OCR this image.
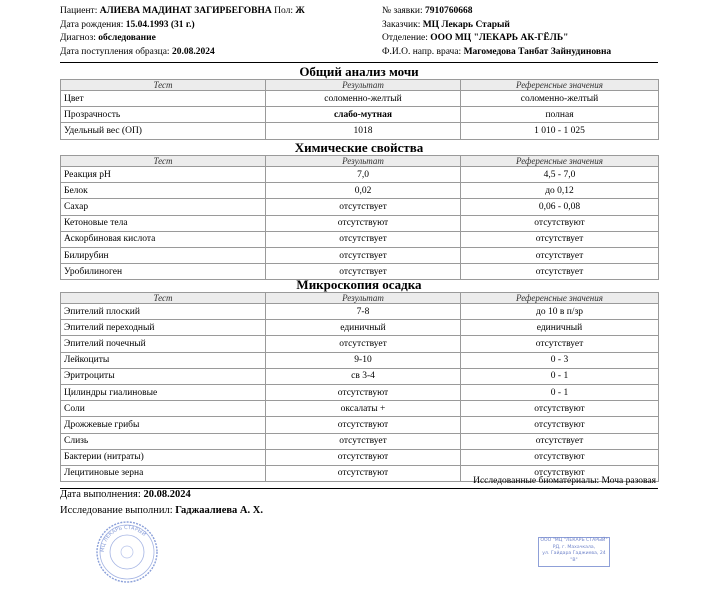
Пациент: АЛИЕВА МАДИНАТ ЗАГИРБЕГОВНА Пол: Ж
Дата рождения: 15.04.1993 (31 г.)
Диагноз: обследование
Дата поступления образца: 20.08.2024
№ заявки: 7910760668
Заказчик: МЦ Лекарь Старый
Отделение: ООО МЦ "ЛЕКАРЬ АК-ГЁЛЬ"
Ф.И.О. напр. врача: Магомедова Танбат Зайнудиновна
Общий анализ мочи
Тест	Результат	Референсные значения
Цвет	соломенно-желтый	соломенно-желтый
Прозрачность	слабо-мутная	полная
Удельный вес (ОП)	1018	1 010 - 1 025
Химические свойства
Тест	Результат	Референсные значения
Реакция pH	7,0	4,5 - 7,0
Белок	0,02	до 0,12
Сахар	отсутствует	0,06 - 0,08
Кетоновые тела	отсутствуют	отсутствуют
Аскорбиновая кислота	отсутствует	отсутствует
Билирубин	отсутствует	отсутствует
Уробилиноген	отсутствует	отсутствует
Микроскопия осадка
Тест	Результат	Референсные значения
Эпителий плоский	7-8	до 10 в п/зр
Эпителий переходный	единичный	единичный
Эпителий почечный	отсутствует	отсутствует
Лейкоциты	9-10	0 - 3
Эритроциты	св 3-4	0 - 1
Цилиндры гиалиновые	отсутствуют	0 - 1
Соли	оксалаты +	отсутствуют
Дрожжевые грибы	отсутствуют	отсутствуют
Слизь	отсутствует	отсутствует
Бактерии (нитраты)	отсутствуют	отсутствуют
Лецитиновые зерна	отсутствуют	отсутствуют
Исследованные биоматериалы: Моча разовая
Дата выполнения: 20.08.2024
Исследование выполнил: Гаджаалиева А. Х.
МЦ ЛЕКАРЬ СТАРЫЙ
ООО "МЦ "ЛЕКАРЬ СТАРЫЙ"
РД, г. Махачкала,
ул. Гайдара Гаджиева, 24 "В"
